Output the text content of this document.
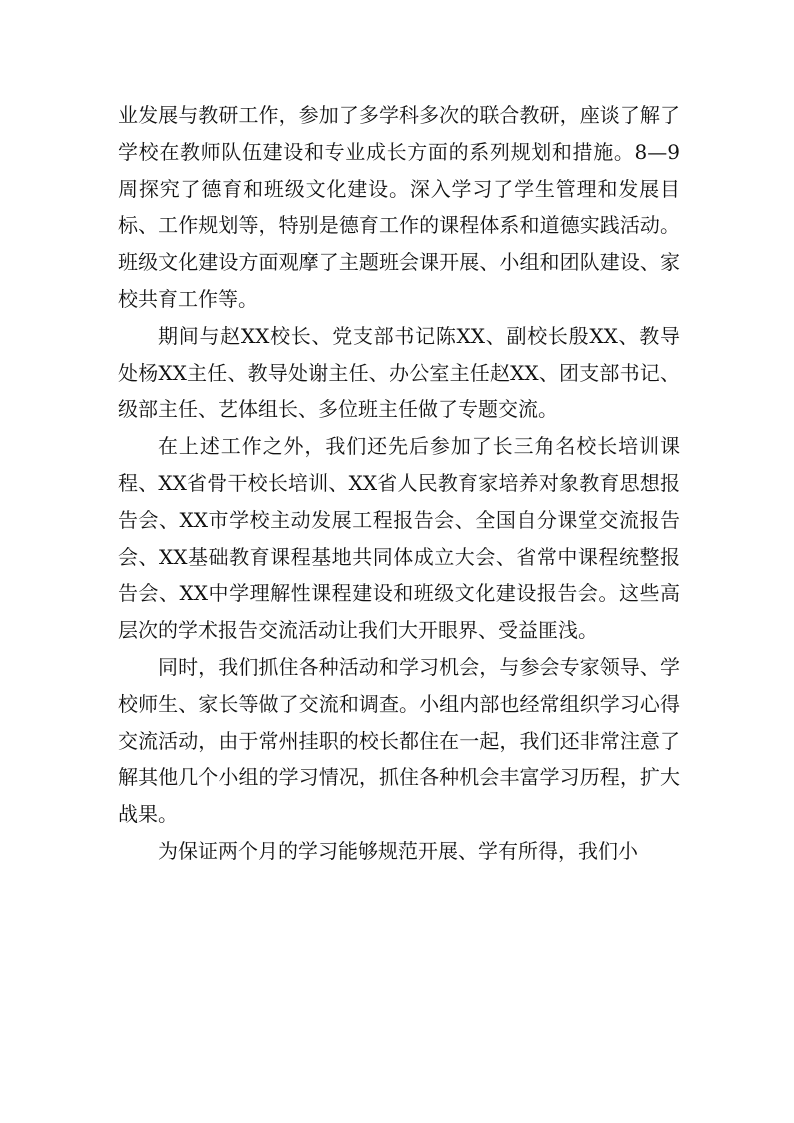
业发展与教研工作，参加了多学科多次的联合教研，座谈了解了学校在教师队伍建设和专业成长方面的系列规划和措施。8—9周探究了德育和班级文化建设。深入学习了学生管理和发展目标、工作规划等，特别是德育工作的课程体系和道德实践活动。班级文化建设方面观摩了主题班会课开展、小组和团队建设、家校共育工作等。

期间与赵XX校长、党支部书记陈XX、副校长殷XX、教导处杨XX主任、教导处谢主任、办公室主任赵XX、团支部书记、级部主任、艺体组长、多位班主任做了专题交流。

在上述工作之外，我们还先后参加了长三角名校长培训课程、XX省骨干校长培训、XX省人民教育家培养对象教育思想报告会、XX市学校主动发展工程报告会、全国自分课堂交流报告会、XX基础教育课程基地共同体成立大会、省常中课程统整报告会、XX中学理解性课程建设和班级文化建设报告会。这些高层次的学术报告交流活动让我们大开眼界、受益匪浅。

同时，我们抓住各种活动和学习机会，与参会专家领导、学校师生、家长等做了交流和调查。小组内部也经常组织学习心得交流活动，由于常州挂职的校长都住在一起，我们还非常注意了解其他几个小组的学习情况，抓住各种机会丰富学习历程，扩大战果。

为保证两个月的学习能够规范开展、学有所得，我们小
